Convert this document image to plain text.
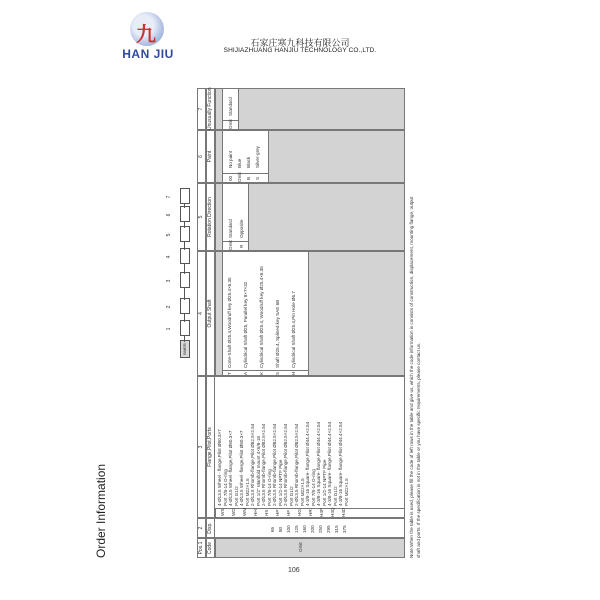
九
HAN JIU
石家庄寒九科技有限公司
SHIJIAZHUANG HANJIU TECHNOLOGY CO.,LTD.
Order Information
BMER
1
2
3
4
5
6
7
Pos.1 Code
2
3
4
5
6
7
Disp.
Flange,Pilot,Ports
Output Shaft
Rotation Direction
Paint
Unusually Function
Omit
65 80 100 125 160 200 250 295 315 375
WS WD WM HH HS HP HF HG HR H4P H4Q H4D
4-Ø13.5 Wheel - flange,Pilot Ø80.3×7 Port 7/8-14 O-ring 4-Ø13.5 Wheel -flange,Pilot Ø80.3×7 Port G1/2 4-Ø13.5 Wheel -flange,Pilot Ø80.3×7 Port M22×1.5 2-Ø13.5 Rhomb-flange,Pilot Ø82.5×2.54 Port 1/2" Manifold mount 4×5/8-18 2-Ø13.5 Rhomb-flange,Pilot Ø82.5×2.54 Port 7/8-14 O-ring 2-Ø13.5 Rhomb-flange,Pilot Ø82.5×2.54 Port 1/2-14 NPTF Pipe 2-Ø13.5 Rhomb-flange,Pilot Ø82.5×2.54 Port G1/2 2-Ø13.5 Rhomb-flange,Pilot Ø82.5×2.54 Port M22×1.5 4-3/8-16 Square- flange,Pilot Ø44.4×2.54 Port 7/8-14 O-ring 4-3/8-16 Square- flange,Pilot Ø44.4×2.54 Port 1/2-14 NPTF Pipe 4-3/8-16 Square- flange,Pilot Ø44.4×2.54 Port G1/2 4-3/8-16 Square- flange,Pilot Ø44.4×2.54 Port M22×1.5
T A K S H
Cone-Shaft Ø25.4,Woodruff key Ø25.4×6.35 Cylindrical Shaft Ø25, Parallel key 8×7×32 Cylindrical Shaft Ø25.4, Woodruff key Ø25.4×6.35 Shaft Ø25.4, Splined key SAE 6B Cylindrical Shaft Ø25.4,Pin Hole Ø6.7
Omit
Standard
R
Opposite
00
No paint
Omit
Blue
B
Black
S
Silver-grey
Omit
Standard
Note:When the table is used, please fill the code of left rows in the table and give us, which the code information is consists of construction, displacement, mounting flange, output shaft and ports. If the specification is not in the table or you have specific requirements, please contact us.
106
